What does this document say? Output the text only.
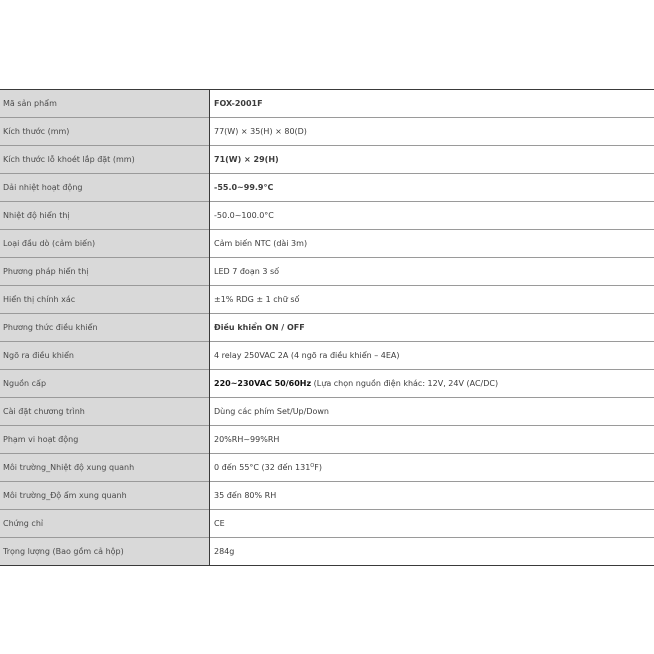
Mã sản phẩm	FOX-2001F
Kích thước (mm)	77(W) × 35(H) × 80(D)
Kích thước lỗ khoét lắp đặt (mm)	71(W) × 29(H)
Dải nhiệt hoạt động	-55.0~99.9°C
Nhiệt độ hiển thị	-50.0~100.0°C
Loại đầu dò (cảm biến)	Cảm biến NTC (dài 3m)
Phương pháp hiển thị	LED 7 đoạn 3 số
Hiển thị chính xác	±1% RDG ± 1 chữ số
Phương thức điều khiển	Điều khiển ON / OFF
Ngõ ra điều khiển	4 relay 250VAC 2A (4 ngõ ra điều khiển – 4EA)
Nguồn cấp	220~230VAC 50/60Hz (Lựa chọn nguồn điện khác: 12V, 24V (AC/DC)
Cài đặt chương trình	Dùng các phím Set/Up/Down
Phạm vi hoạt động	20%RH~99%RH
Môi trường_Nhiệt độ xung quanh	0 đến 55°C (32 đến $131^OF$)
Môi trường_Độ ẩm xung quanh	35 đến 80% RH
Chứng chỉ	CE
Trọng lượng (Bao gồm cả hộp)	284g
